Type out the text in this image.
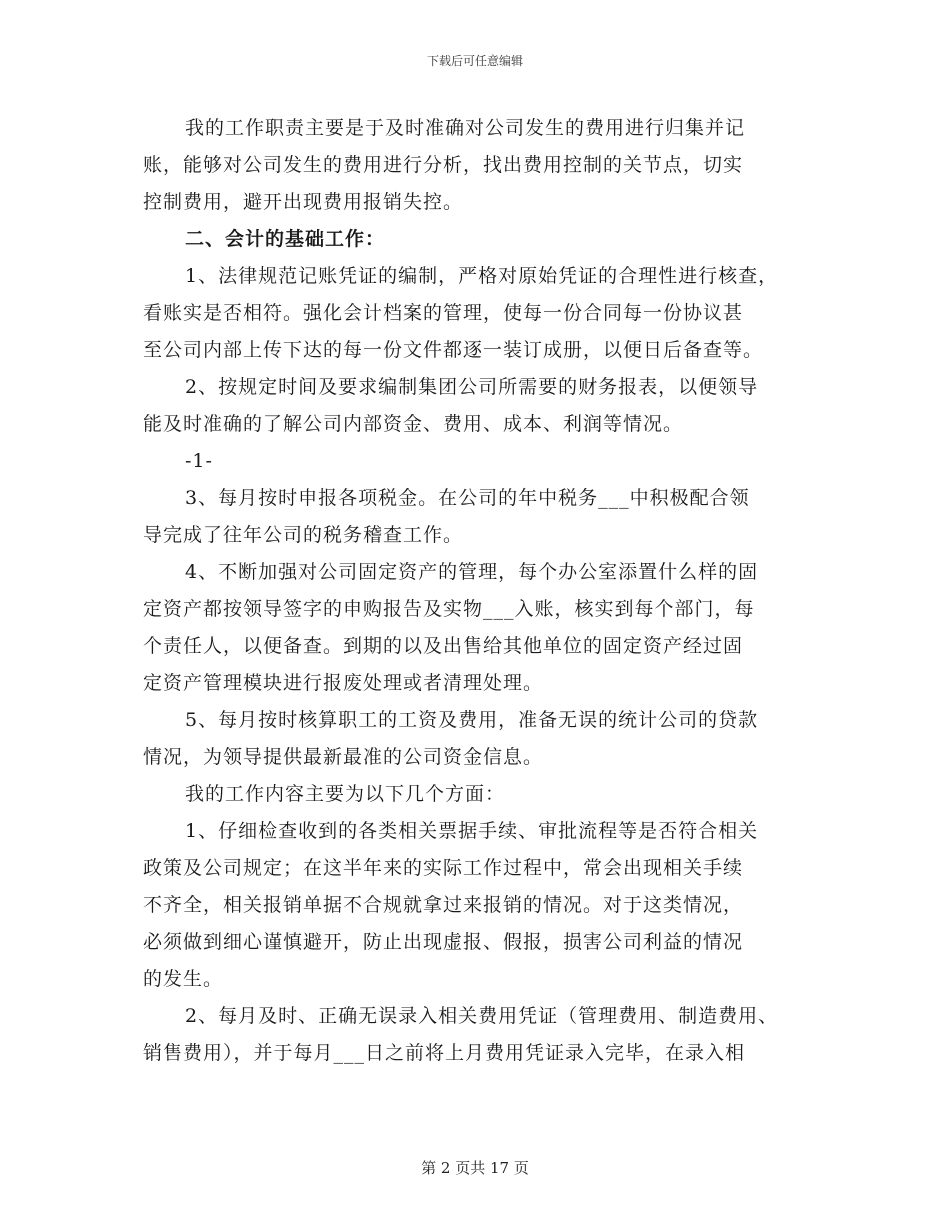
下载后可任意编辑
我的工作职责主要是于及时准确对公司发生的费用进行归集并记
账，能够对公司发生的费用进行分析，找出费用控制的关节点，切实
控制费用，避开出现费用报销失控。
二、会计的基础工作：
1、法律规范记账凭证的编制，严格对原始凭证的合理性进行核查，
看账实是否相符。强化会计档案的管理，使每一份合同每一份协议甚
至公司内部上传下达的每一份文件都逐一装订成册，以便日后备查等。
2、按规定时间及要求编制集团公司所需要的财务报表，以便领导
能及时准确的了解公司内部资金、费用、成本、利润等情况。
-1-
3、每月按时申报各项税金。在公司的年中税务___中积极配合领
导完成了往年公司的税务稽查工作。
4、不断加强对公司固定资产的管理，每个办公室添置什么样的固
定资产都按领导签字的申购报告及实物___入账，核实到每个部门，每
个责任人，以便备查。到期的以及出售给其他单位的固定资产经过固
定资产管理模块进行报废处理或者清理处理。
5、每月按时核算职工的工资及费用，准备无误的统计公司的贷款
情况，为领导提供最新最准的公司资金信息。
我的工作内容主要为以下几个方面：
1、仔细检查收到的各类相关票据手续、审批流程等是否符合相关
政策及公司规定；在这半年来的实际工作过程中，常会出现相关手续
不齐全，相关报销单据不合规就拿过来报销的情况。对于这类情况，
必须做到细心谨慎避开，防止出现虚报、假报，损害公司利益的情况
的发生。
2、每月及时、正确无误录入相关费用凭证（管理费用、制造费用、
销售费用），并于每月___日之前将上月费用凭证录入完毕，在录入相
第 2 页共 17 页
